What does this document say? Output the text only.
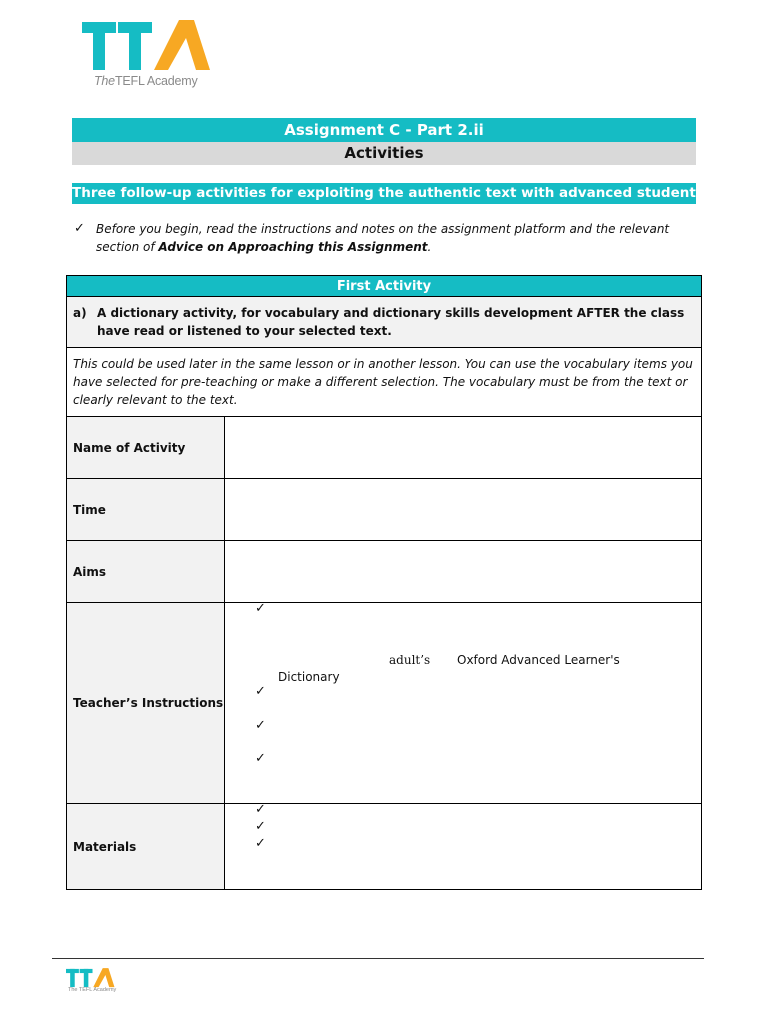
TheTEFL Academy
Assignment C - Part 2.ii
Activities
Three follow-up activities for exploiting the authentic text with advanced students
✓ Before you begin, read the instructions and notes on the assignment platform and the relevant section of Advice on Approaching this Assignment.
First Activity
a) A dictionary activity, for vocabulary and dictionary skills development AFTER the class have read or listened to your selected text.
This could be used later in the same lesson or in another lesson. You can use the vocabulary items you have selected for pre-teaching or make a different selection. The vocabulary must be from the text or clearly relevant to the text.
Name of Activity
Time
Aims
Teacher’s Instructions
✓
adult’s Oxford Advanced Learner's
Dictionary
✓
✓
✓
Materials
✓
✓
✓
The TEFL Academy
